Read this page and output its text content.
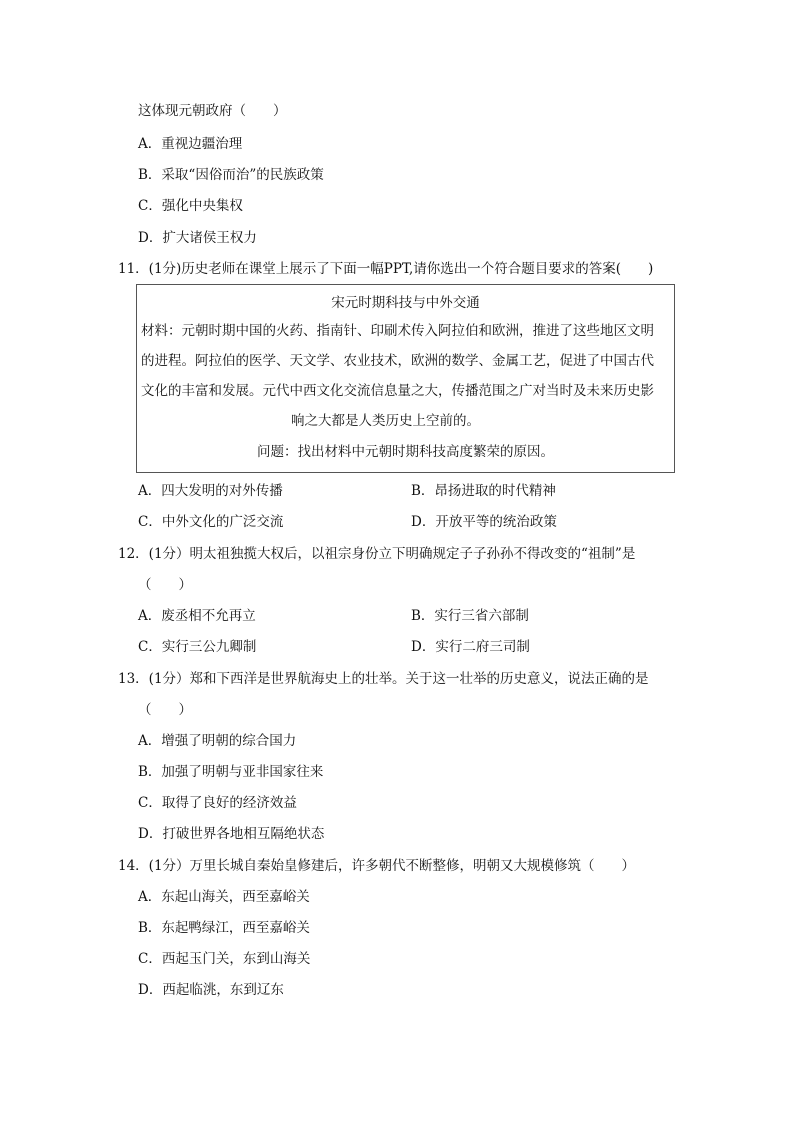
这体现元朝政府（　　）
A．重视边疆治理
B．采取“因俗而治”的民族政策
C．强化中央集权
D．扩大诸侯王权力
11．(1分)历史老师在课堂上展示了下面一幅PPT,请你选出一个符合题目要求的答案(　　)
宋元时期科技与中外交通
材料：元朝时期中国的火药、指南针、印刷术传入阿拉伯和欧洲，推进了这些地区文明
的进程。阿拉伯的医学、天文学、农业技术，欧洲的数学、金属工艺，促进了中国古代
文化的丰富和发展。元代中西文化交流信息量之大，传播范围之广对当时及未来历史影
响之大都是人类历史上空前的。
问题：找出材料中元朝时期科技高度繁荣的原因。
A．四大发明的对外传播	B．昂扬进取的时代精神
C．中外文化的广泛交流	D．开放平等的统治政策
12．(1分）明太祖独揽大权后，以祖宗身份立下明确规定子子孙孙不得改变的“祖制”是
（　　）
A．废丞相不允再立	B．实行三省六部制
C．实行三公九卿制	D．实行二府三司制
13．(1分）郑和下西洋是世界航海史上的壮举。关于这一壮举的历史意义，说法正确的是
（　　）
A．增强了明朝的综合国力
B．加强了明朝与亚非国家往来
C．取得了良好的经济效益
D．打破世界各地相互隔绝状态
14．(1分）万里长城自秦始皇修建后，许多朝代不断整修，明朝又大规模修筑（　　）
A．东起山海关，西至嘉峪关
B．东起鸭绿江，西至嘉峪关
C．西起玉门关，东到山海关
D．西起临洮，东到辽东
